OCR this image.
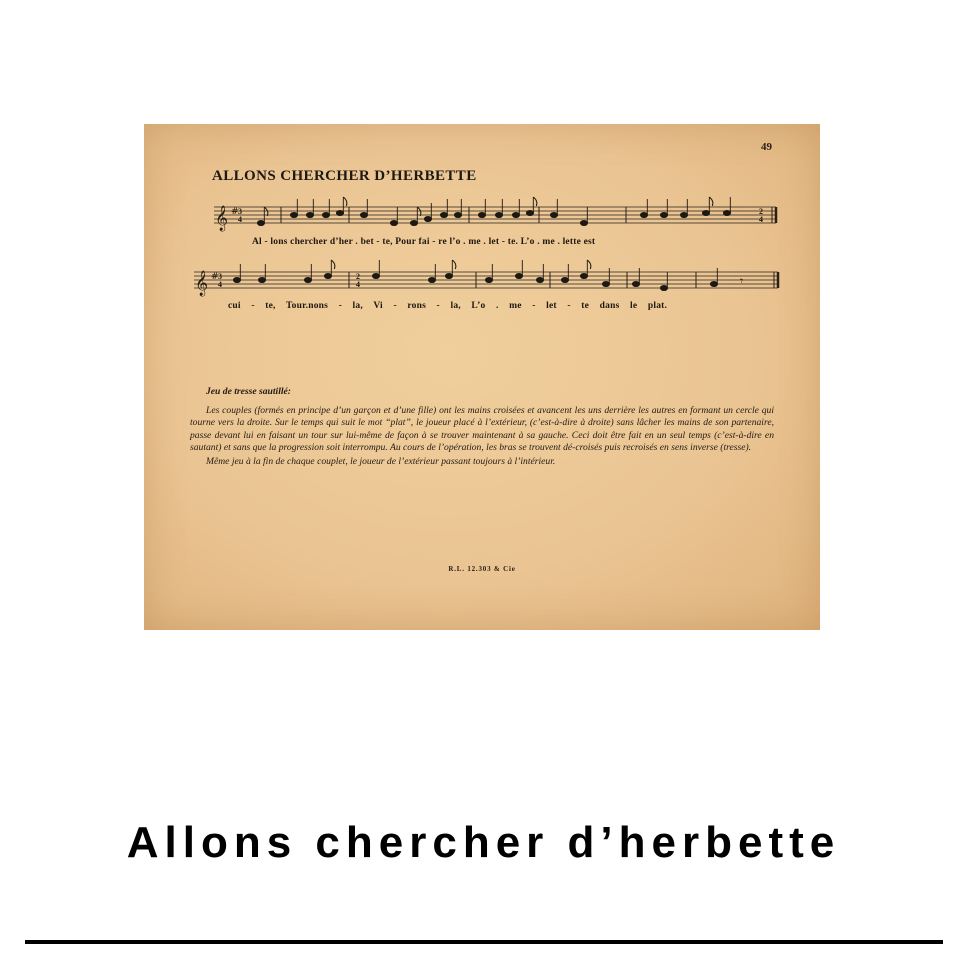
49
ALLONS CHERCHER D’HERBETTE
𝄞
𝄞
#
#
3
4
3
4
2
4
2
4	𝄾
Al - lons chercher d’her . bet - te, Pour fai - re l’o . me . let - te. L’o . me . lette est
cui - te, Tour.nons - la, Vi - rons - la, L’o . me - let - te dans le plat.

Jeu de tresse sautillé:

Les couples (formés en principe d’un garçon et d’une fille) ont les mains croisées et avancent les uns derrière les autres en formant un cercle qui tourne vers la droite. Sur le temps qui suit le mot “plat”, le joueur placé à l’extérieur, (c’est-à-dire à droite) sans lâcher les mains de son partenaire, passe devant lui en faisant un tour sur lui-même de façon à se trouver maintenant à sa gauche. Ceci doit être fait en un seul temps (c’est-à-dire en sautant) et sans que la progression soit interrompu. Au cours de l’opération, les bras se trouvent dé-croisés puis recroisés en sens inverse (tresse).

Même jeu à la fin de chaque couplet, le joueur de l’extérieur passant toujours à l’intérieur.

R.L. 12.303 & Cie
Allons chercher d’herbette
